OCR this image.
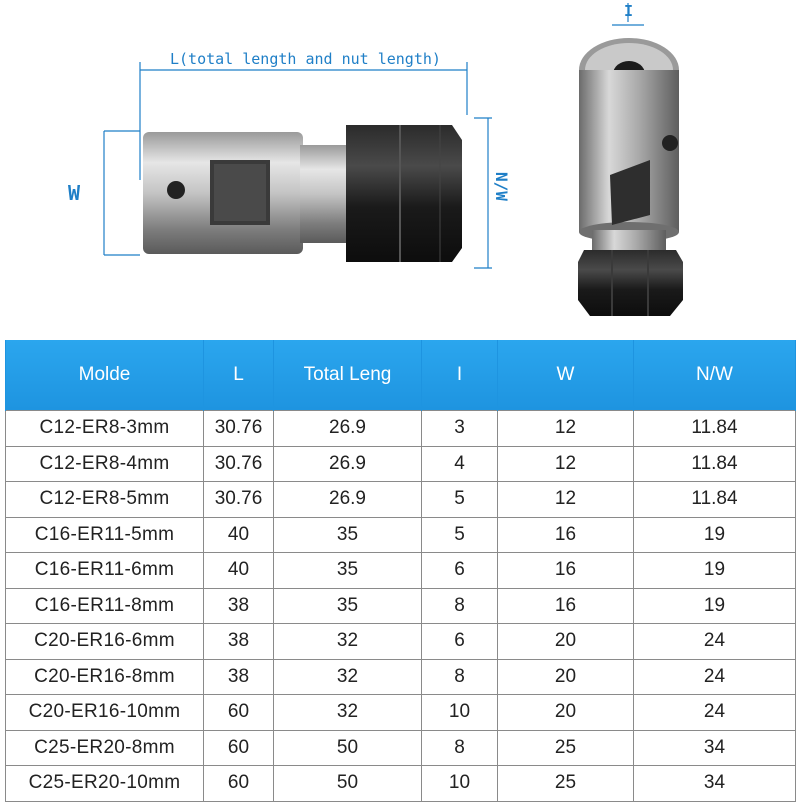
L(total length and nut length)
W	N/W
I
Molde	L	Total Leng	I	W	N/W
C12-ER8-3mm	30.76	26.9	3	12	11.84
C12-ER8-4mm	30.76	26.9	4	12	11.84
C12-ER8-5mm	30.76	26.9	5	12	11.84
C16-ER11-5mm	40	35	5	16	19
C16-ER11-6mm	40	35	6	16	19
C16-ER11-8mm	38	35	8	16	19
C20-ER16-6mm	38	32	6	20	24
C20-ER16-8mm	38	32	8	20	24
C20-ER16-10mm	60	32	10	20	24
C25-ER20-8mm	60	50	8	25	34
C25-ER20-10mm	60	50	10	25	34
